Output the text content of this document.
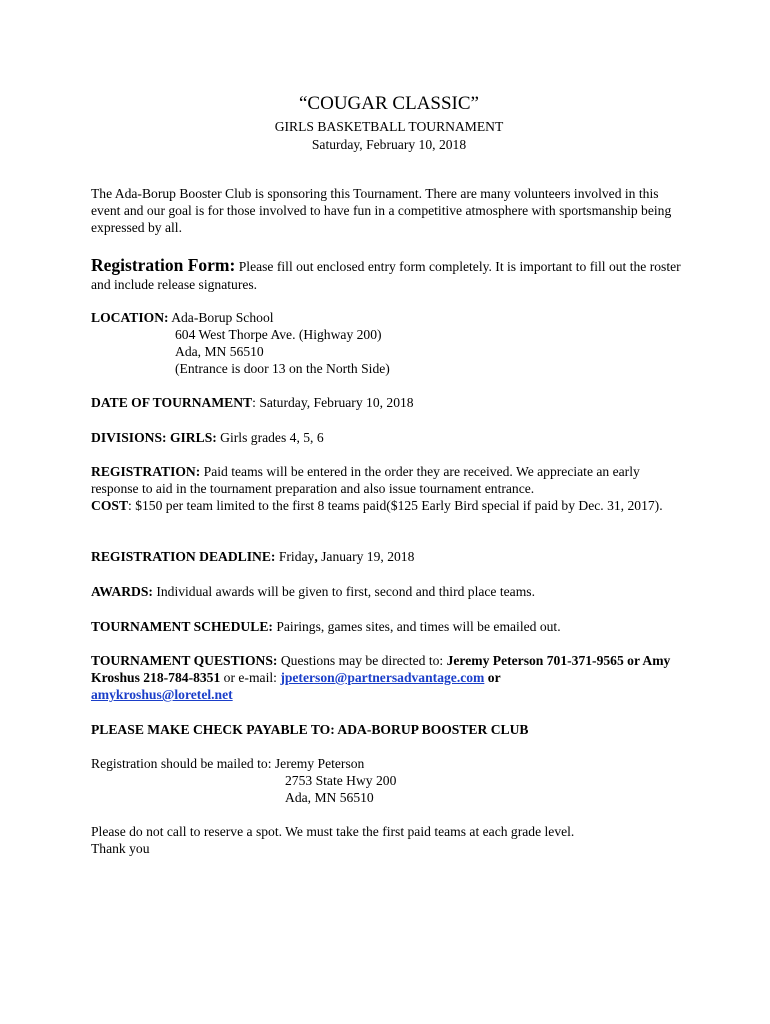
“COUGAR CLASSIC”
GIRLS BASKETBALL TOURNAMENT
Saturday, February 10, 2018

The Ada-Borup Booster Club is sponsoring this Tournament. There are many volunteers involved in this event and our goal is for those involved to have fun in a competitive atmosphere with sportsmanship being expressed by all.

Registration Form: Please fill out enclosed entry form completely. It is important to fill out the roster and include release signatures.

LOCATION: Ada-Borup School
604 West Thorpe Ave. (Highway 200)
Ada, MN 56510
(Entrance is door 13 on the North Side)

DATE OF TOURNAMENT: Saturday, February 10, 2018

DIVISIONS: GIRLS: Girls grades 4, 5, 6

REGISTRATION: Paid teams will be entered in the order they are received. We appreciate an early response to aid in the tournament preparation and also issue tournament entrance.
COST: $150 per team limited to the first 8 teams paid($125 Early Bird special if paid by Dec. 31, 2017).

REGISTRATION DEADLINE: Friday, January 19, 2018

AWARDS: Individual awards will be given to first, second and third place teams.

TOURNAMENT SCHEDULE: Pairings, games sites, and times will be emailed out.

TOURNAMENT QUESTIONS: Questions may be directed to: Jeremy Peterson 701-371-9565 or Amy Kroshus 218-784-8351 or e-mail: jpeterson@partnersadvantage.com or
amykroshus@loretel.net

PLEASE MAKE CHECK PAYABLE TO: ADA-BORUP BOOSTER CLUB

Registration should be mailed to: Jeremy Peterson
2753 State Hwy 200
Ada, MN 56510
Please do not call to reserve a spot. We must take the first paid teams at each grade level.
Thank you
